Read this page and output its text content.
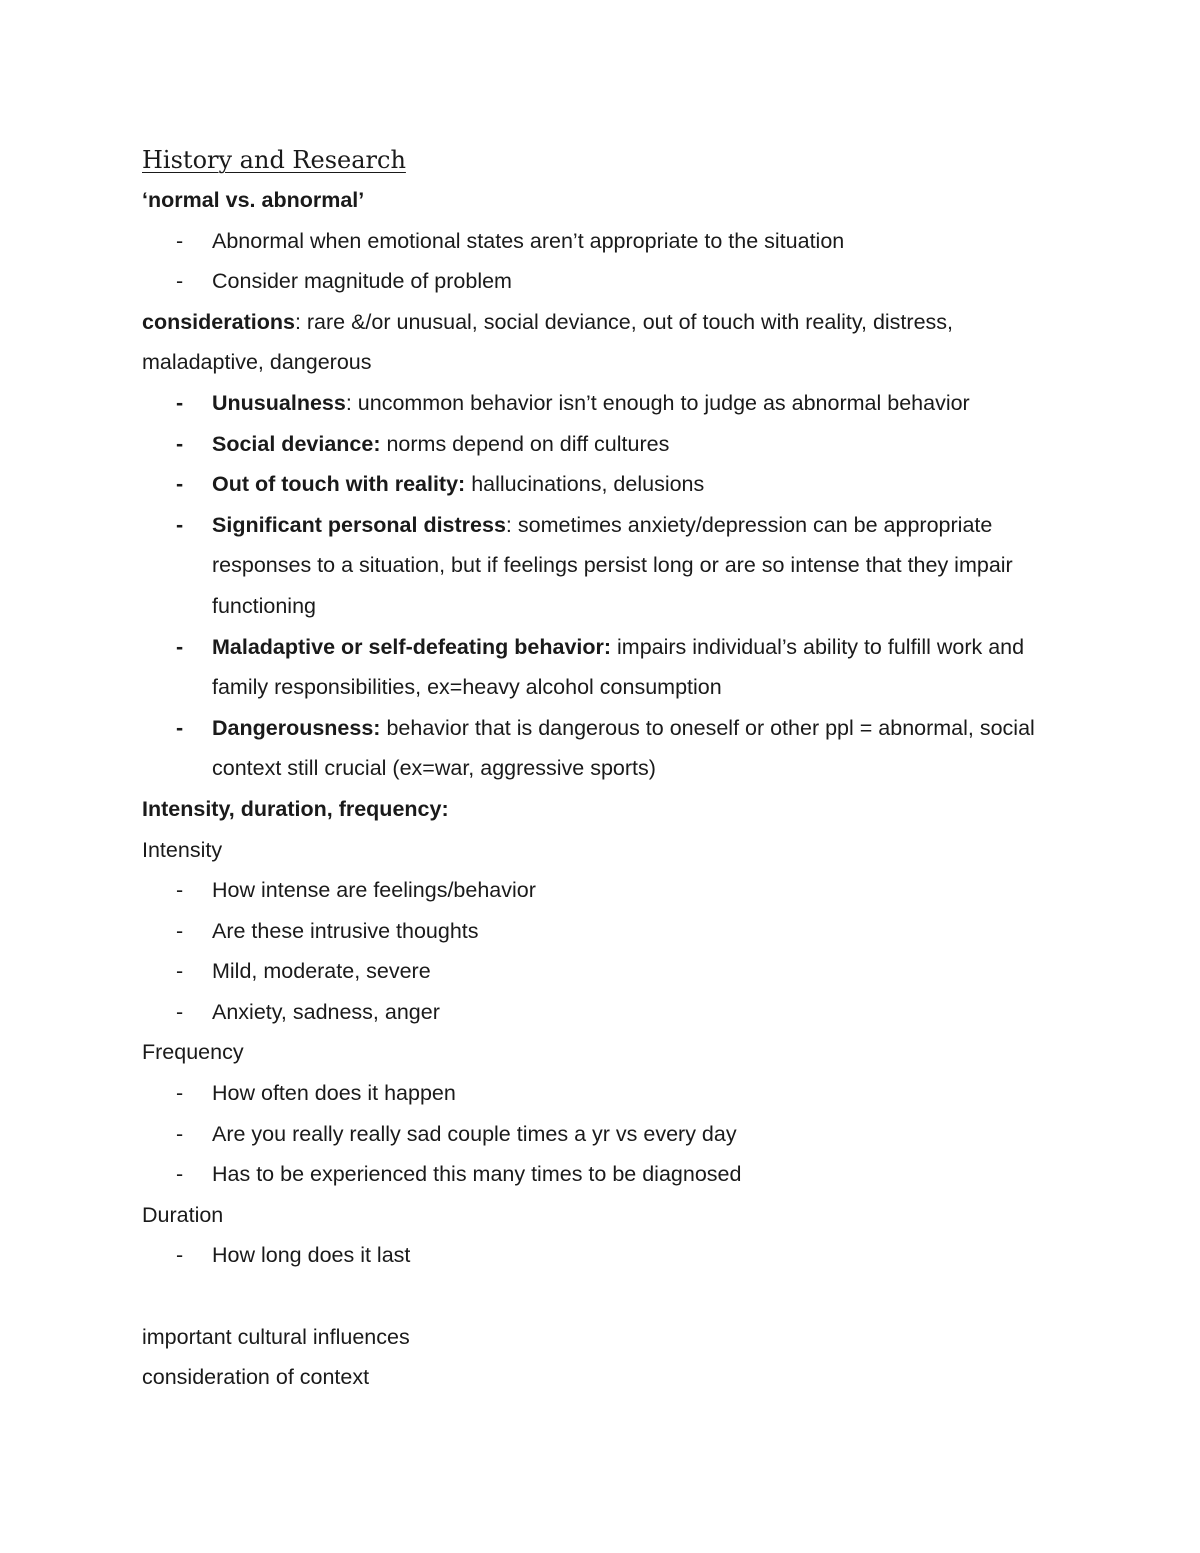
History and Research

‘normal vs. abnormal’

- Abnormal when emotional states aren’t appropriate to the situation
- Consider magnitude of problem

considerations: rare &/or unusual, social deviance, out of touch with reality, distress, maladaptive, dangerous

- Unusualness: uncommon behavior isn’t enough to judge as abnormal behavior
- Social deviance: norms depend on diff cultures
- Out of touch with reality: hallucinations, delusions
- Significant personal distress: sometimes anxiety/depression can be appropriate responses to a situation, but if feelings persist long or are so intense that they impair functioning
- Maladaptive or self-defeating behavior: impairs individual’s ability to fulfill work and family responsibilities, ex=heavy alcohol consumption
- Dangerousness: behavior that is dangerous to oneself or other ppl = abnormal, social context still crucial (ex=war, aggressive sports)

Intensity, duration, frequency:

Intensity

- How intense are feelings/behavior
- Are these intrusive thoughts
- Mild, moderate, severe
- Anxiety, sadness, anger

Frequency

- How often does it happen
- Are you really really sad couple times a yr vs every day
- Has to be experienced this many times to be diagnosed

Duration

- How long does it last

important cultural influences

consideration of context
